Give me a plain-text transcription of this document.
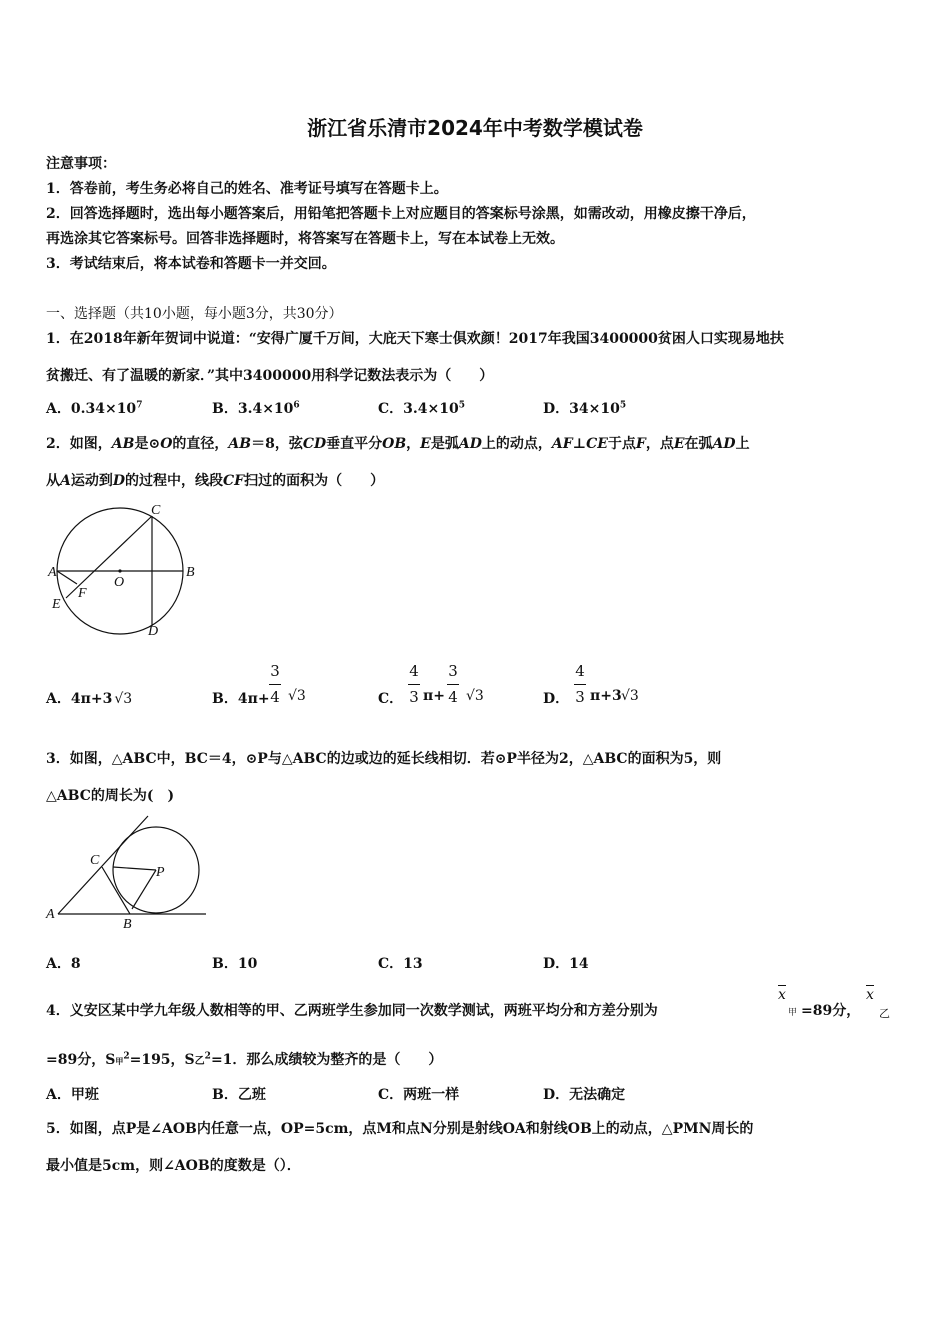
浙江省乐清市2024年中考数学模试卷
注意事项：
1．答卷前，考生务必将自己的姓名、准考证号填写在答题卡上。
2．回答选择题时，选出每小题答案后，用铅笔把答题卡上对应题目的答案标号涂黑，如需改动，用橡皮擦干净后，
再选涂其它答案标号。回答非选择题时，将答案写在答题卡上，写在本试卷上无效。
3．考试结束后，将本试卷和答题卡一并交回。
一、选择题（共10小题，每小题3分，共30分）
1．在2018年新年贺词中说道：“安得广厦千万间，大庇天下寒士俱欢颜！2017年我国3400000贫困人口实现易地扶
贫搬迁、有了温暖的新家．”其中3400000用科学记数法表示为（　　）
A．$0.34\times 10^7$	B．$3.4\times 10^6$	C．$3.4\times 10^5$	D．$34\times 10^5$
2．如图，AB是⊙O的直径，AB＝8，弦CD垂直平分OB，E是弧AD上的动点，AF⊥CE于点F，点E在弧AD上
从A运动到D的过程中，线段CF扫过的面积为（　　）
C
A
O
B
F
E
D
A．4π+3 √3	B．4π+
3
4 √3	C．
4
3 π+
3
4 √3	D．
4
3 π+3 √3
3．如图，△ABC中，BC＝4，⊙P与△ABC的边或边的延长线相切．若⊙P半径为2，△ABC的面积为5，则
△ABC的周长为(　)
C
P
A
B
A．8	B．10	C．13	D．14
4．义安区某中学九年级人数相等的甲、乙两班学生参加同一次数学测试，两班平均分和方差分别为
x
甲 =89分，
x
乙
=89分，S甲$^2$=195，S乙$^2$=1．那么成绩较为整齐的是（　　）
A．甲班	B．乙班	C．两班一样	D．无法确定
5．如图，点P是∠AOB内任意一点，OP=5cm，点M和点N分别是射线OA和射线OB上的动点，△PMN周长的
最小值是5cm，则∠AOB的度数是（）．
